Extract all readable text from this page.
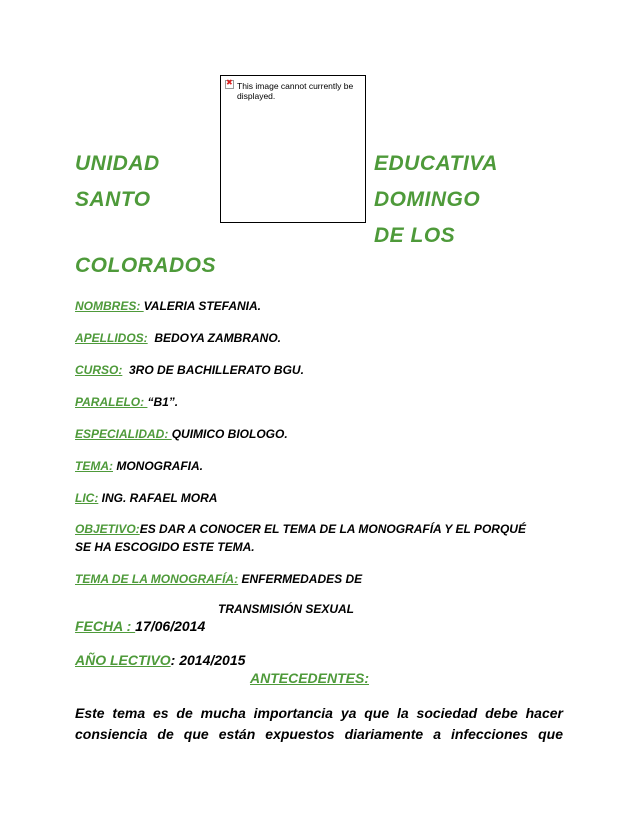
✖
This image cannot currently be displayed.
UNIDAD	EDUCATIVA
SANTO	DOMINGO
DE LOS
COLORADOS
NOMBRES: VALERIA STEFANIA.
APELLIDOS:  BEDOYA ZAMBRANO.
CURSO:  3RO DE BACHILLERATO BGU.
PARALELO: “B1”.
ESPECIALIDAD: QUIMICO BIOLOGO.
TEMA: MONOGRAFIA.
LIC: ING. RAFAEL MORA
OBJETIVO:ES DAR A CONOCER EL TEMA DE LA MONOGRAFÍA Y EL PORQUÉ
SE HA ESCOGIDO ESTE TEMA.
TEMA DE LA MONOGRAFÍA: ENFERMEDADES DE
TRANSMISIÓN SEXUAL
FECHA : 17/06/2014
AÑO LECTIVO: 2014/2015
ANTECEDENTES:
Este tema es de mucha importancia ya que la sociedad debe hacer
consiencia de que están expuestos diariamente a infecciones que
